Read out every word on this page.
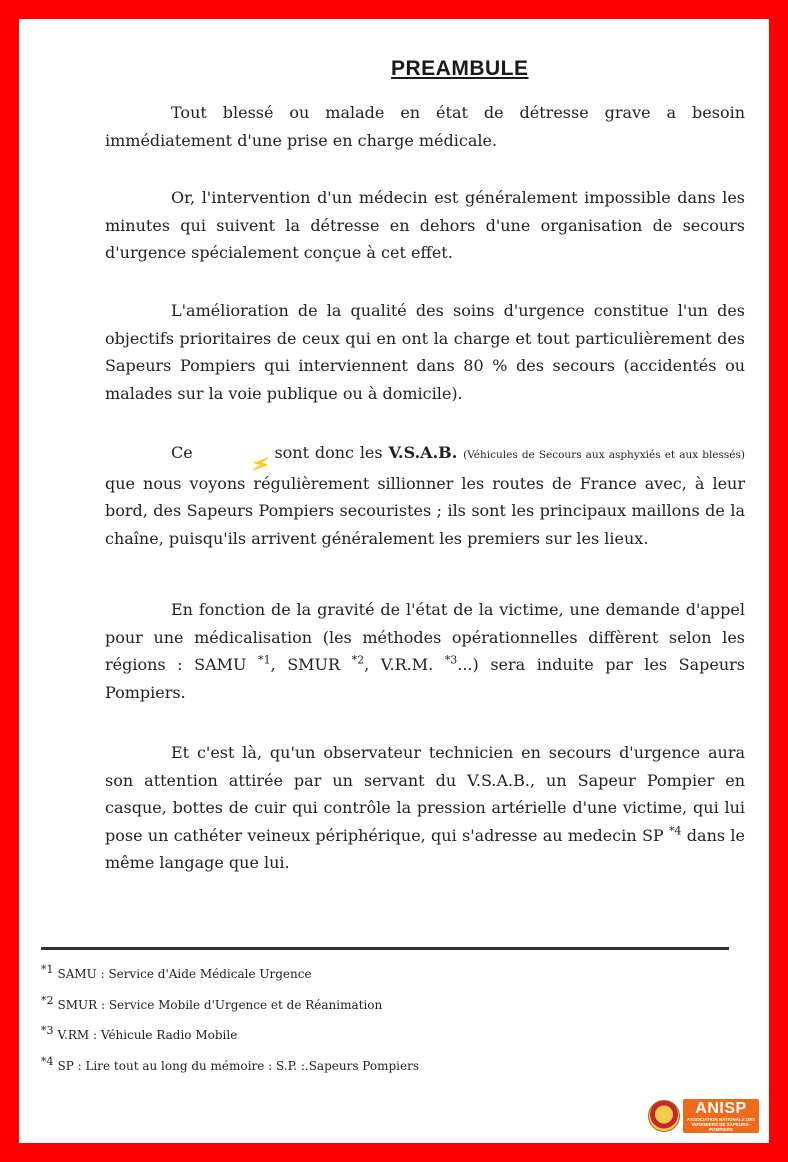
PREAMBULE

Tout blessé ou malade en état de détresse grave a besoin immédiatement d'une prise en charge médicale.

Or, l'intervention d'un médecin est généralement impossible dans les minutes qui suivent la détresse en dehors d'une organisation de secours d'urgence spécialement conçue à cet effet.

L'amélioration de la qualité des soins d'urgence constitue l'un des objectifs prioritaires de ceux qui en ont la charge et tout particulièrement des Sapeurs Pompiers qui interviennent dans 80 % des secours (accidentés ou malades sur la voie publique ou à domicile).

Ce	⚡ sont donc les V.S.A.B. (Véhicules de Secours aux asphyxiés et aux blessés) que nous voyons régulièrement sillionner les routes de France avec, à leur bord, des Sapeurs Pompiers secouristes ; ils sont les principaux maillons de la chaîne, puisqu'ils arrivent généralement les premiers sur les lieux.

En fonction de la gravité de l'état de la victime, une demande d'appel pour une médicalisation (les méthodes opérationnelles diffèrent selon les régions : SAMU $^{*1}$, SMUR $^{*2}$, V.R.M. $^{*3}$...) sera induite par les Sapeurs Pompiers.

Et c'est là, qu'un observateur technicien en secours d'urgence aura son attention attirée par un servant du V.S.A.B., un Sapeur Pompier en casque, bottes de cuir qui contrôle la pression artérielle d'une victime, qui lui pose un cathéter veineux périphérique, qui s'adresse au medecin SP $^{*4}$ dans le même langage que lui.

*1 SAMU : Service d'Aide Médicale Urgence
*2 SMUR : Service Mobile d'Urgence et de Réanimation
*3 V.RM : Véhicule Radio Mobile
*4 SP : Lire tout au long du mémoire : S.P. :.Sapeurs Pompiers
ANISP
ASSOCIATION NATIONALE DES INFIRMIERS DE SAPEURS-POMPIERS
